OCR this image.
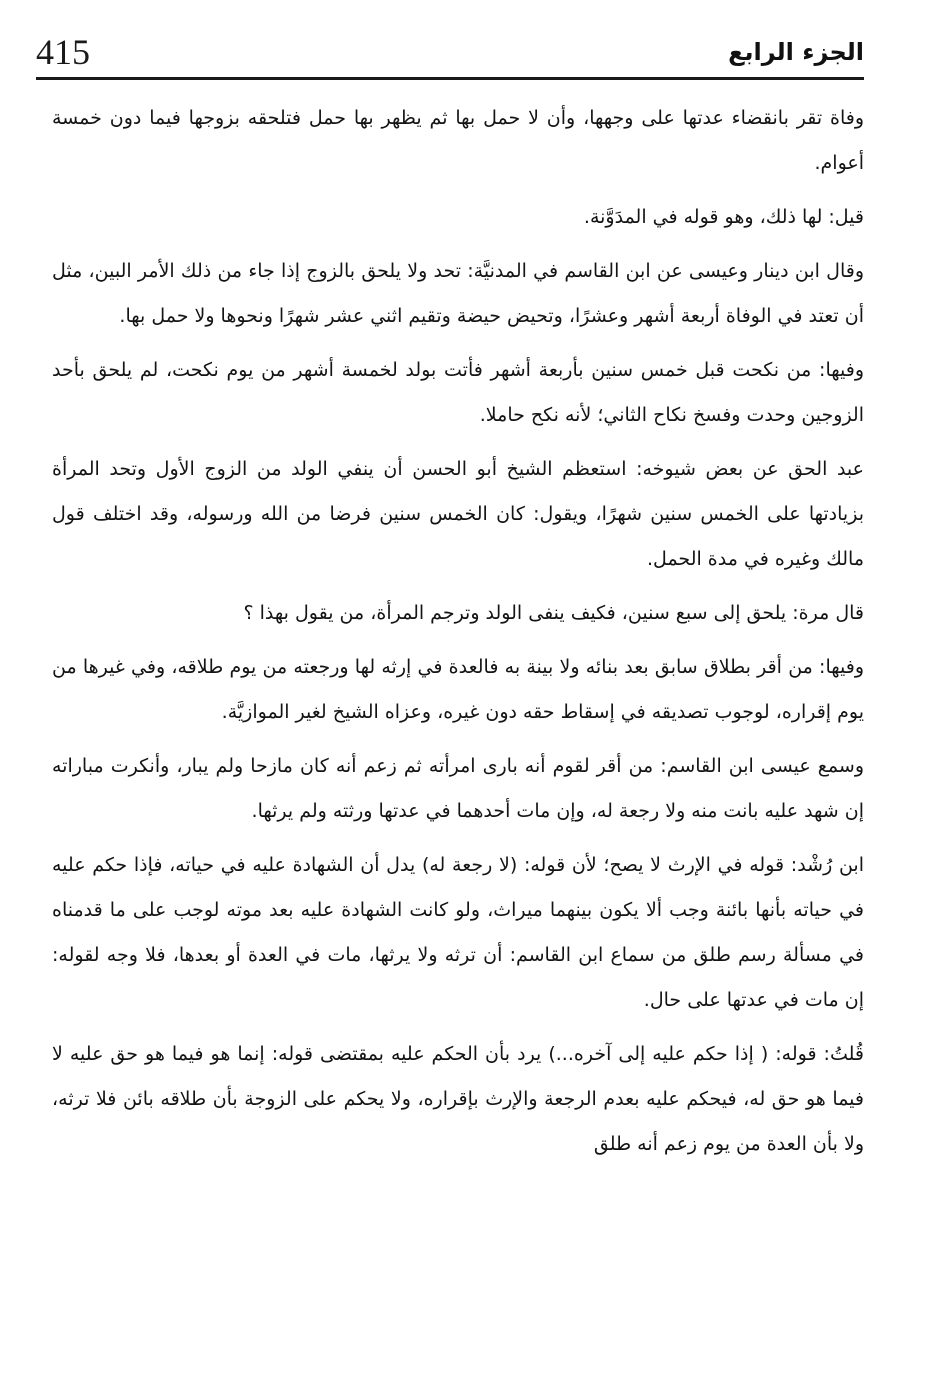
415	الجزء الرابع

وفاة تقر بانقضاء عدتها على وجهها، وأن لا حمل بها ثم يظهر بها حمل فتلحقه بزوجها فيما دون خمسة أعوام.

قيل: لها ذلك، وهو قوله في المدَوَّنة.

وقال ابن دينار وعيسى عن ابن القاسم في المدنيَّة: تحد ولا يلحق بالزوج إذا جاء من ذلك الأمر البين، مثل أن تعتد في الوفاة أربعة أشهر وعشرًا، وتحيض حيضة وتقيم اثني عشر شهرًا ونحوها ولا حمل بها.

وفيها: من نكحت قبل خمس سنين بأربعة أشهر فأتت بولد لخمسة أشهر من يوم نكحت، لم يلحق بأحد الزوجين وحدت وفسخ نكاح الثاني؛ لأنه نكح حاملا.

عبد الحق عن بعض شيوخه: استعظم الشيخ أبو الحسن أن ينفي الولد من الزوج الأول وتحد المرأة بزيادتها على الخمس سنين شهرًا، ويقول: كان الخمس سنين فرضا من الله ورسوله، وقد اختلف قول مالك وغيره في مدة الحمل.

قال مرة: يلحق إلى سبع سنين، فكيف ينفى الولد وترجم المرأة، من يقول بهذا ؟

وفيها: من أقر بطلاق سابق بعد بنائه ولا بينة به فالعدة في إرثه لها ورجعته من يوم طلاقه، وفي غيرها من يوم إقراره، لوجوب تصديقه في إسقاط حقه دون غيره، وعزاه الشيخ لغير الموازيَّة.

وسمع عيسى ابن القاسم: من أقر لقوم أنه بارى امرأته ثم زعم أنه كان مازحا ولم يبار، وأنكرت مباراته إن شهد عليه بانت منه ولا رجعة له، وإن مات أحدهما في عدتها ورثته ولم يرثها.

ابن رُشْد: قوله في الإرث لا يصح؛ لأن قوله: (لا رجعة له) يدل أن الشهادة عليه في حياته، فإذا حكم عليه في حياته بأنها بائنة وجب ألا يكون بينهما ميراث، ولو كانت الشهادة عليه بعد موته لوجب على ما قدمناه في مسألة رسم طلق من سماع ابن القاسم: أن ترثه ولا يرثها، مات في العدة أو بعدها، فلا وجه لقوله: إن مات في عدتها على حال.

قُلتُ: قوله: ( إذا حكم عليه إلى آخره...) يرد بأن الحكم عليه بمقتضى قوله: إنما هو فيما هو حق عليه لا فيما هو حق له، فيحكم عليه بعدم الرجعة والإرث بإقراره، ولا يحكم على الزوجة بأن طلاقه بائن فلا ترثه، ولا بأن العدة من يوم زعم أنه طلق
